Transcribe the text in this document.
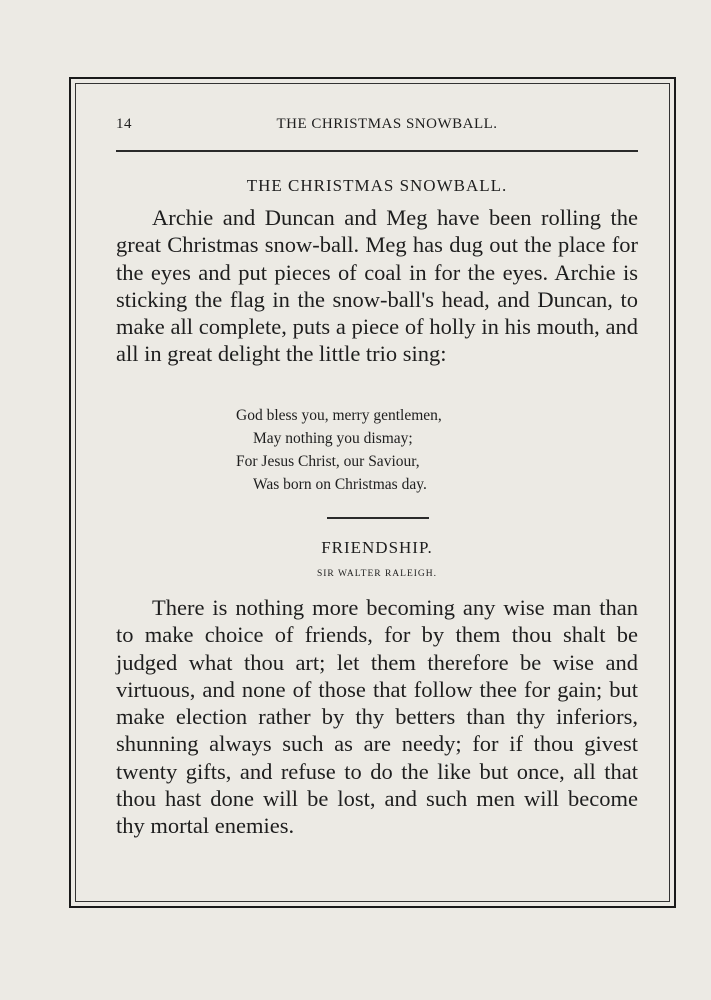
14	THE CHRISTMAS SNOWBALL.
THE CHRISTMAS SNOWBALL.

Archie and Duncan and Meg have been rolling the great Christmas snow-ball. Meg has dug out the place for the eyes and put pieces of coal in for the eyes. Archie is sticking the flag in the snow-ball's head, and Duncan, to make all complete, puts a piece of holly in his mouth, and all in great delight the little trio sing:

God bless you, merry gentlemen,
May nothing you dismay;
For Jesus Christ, our Saviour,
Was born on Christmas day.
FRIENDSHIP.
SIR WALTER RALEIGH.

There is nothing more becoming any wise man than to make choice of friends, for by them thou shalt be judged what thou art; let them therefore be wise and virtuous, and none of those that follow thee for gain; but make election rather by thy betters than thy inferiors, shunning always such as are needy; for if thou givest twenty gifts, and refuse to do the like but once, all that thou hast done will be lost, and such men will become thy mortal enemies.
